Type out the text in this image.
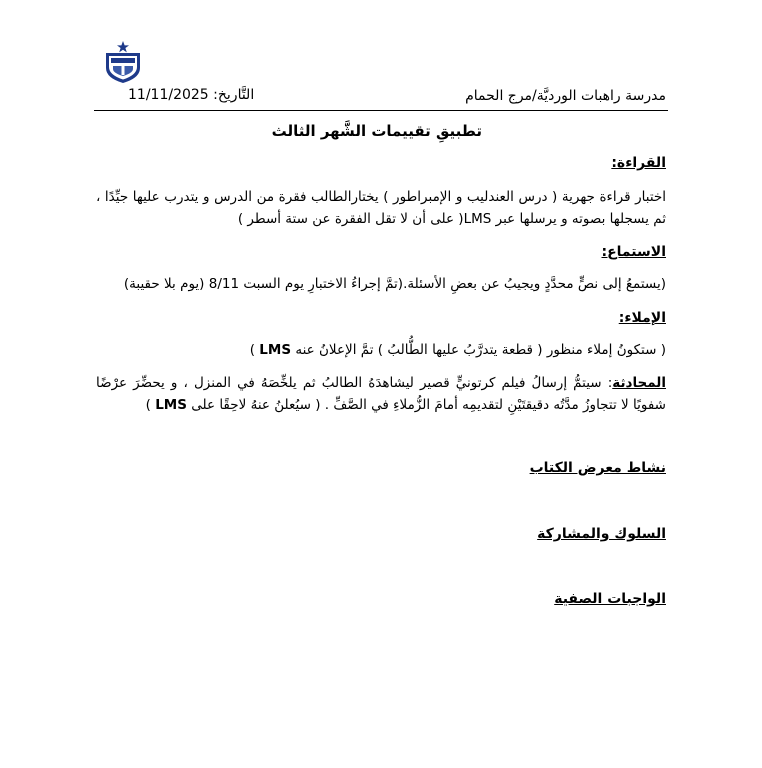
مدرسة راهبات الورديَّة/مرج الحمام
التَّاريخ: 11/11/2025
تطبيقِ تقييمات الشَّهر الثالث
القراءة:
اختبار قراءة جهرية ( درس العندليب و الإمبراطور ) يختارالطالب فقرة من الدرس و يتدرب عليها جيِّدًا ، ثم يسجلها بصوته و يرسلها عبر LMS( على أن لا تقل الفقرة عن ستة أسطر )
الاستماع:
(يستمعُ إلى نصٍّ محدَّدٍ ويجيبُ عن بعضِ الأسئلة.(تمَّ إجراءُ الاختبارِ يوم السبت 8/11 (يوم بلا حقيبة)
الإملاء:
( ستكونُ إملاء منظور ( قطعة يتدرَّبُ عليها الطُّالبُ ) تمَّ الإعلانُ عنه LMS )
المحادثة: سيتمُّ إرسالُ فيلم كرتونيٍّ قصير ليشاهدَهُ الطالبُ ثم يلخِّصَهُ في المنزل ، و يحضِّرَ عرْضًا شفويًا لا تتجاوزُ مدَّتُه دقيقتَيْنِ لتقديمِه أمامَ الزُّملاءِ في الصَّفِّ . ( سيُعلنُ عنهُ لاحِقًا على LMS )
نشاط معرض الكتاب
السلوك والمشاركة
الواجبات الصفية
